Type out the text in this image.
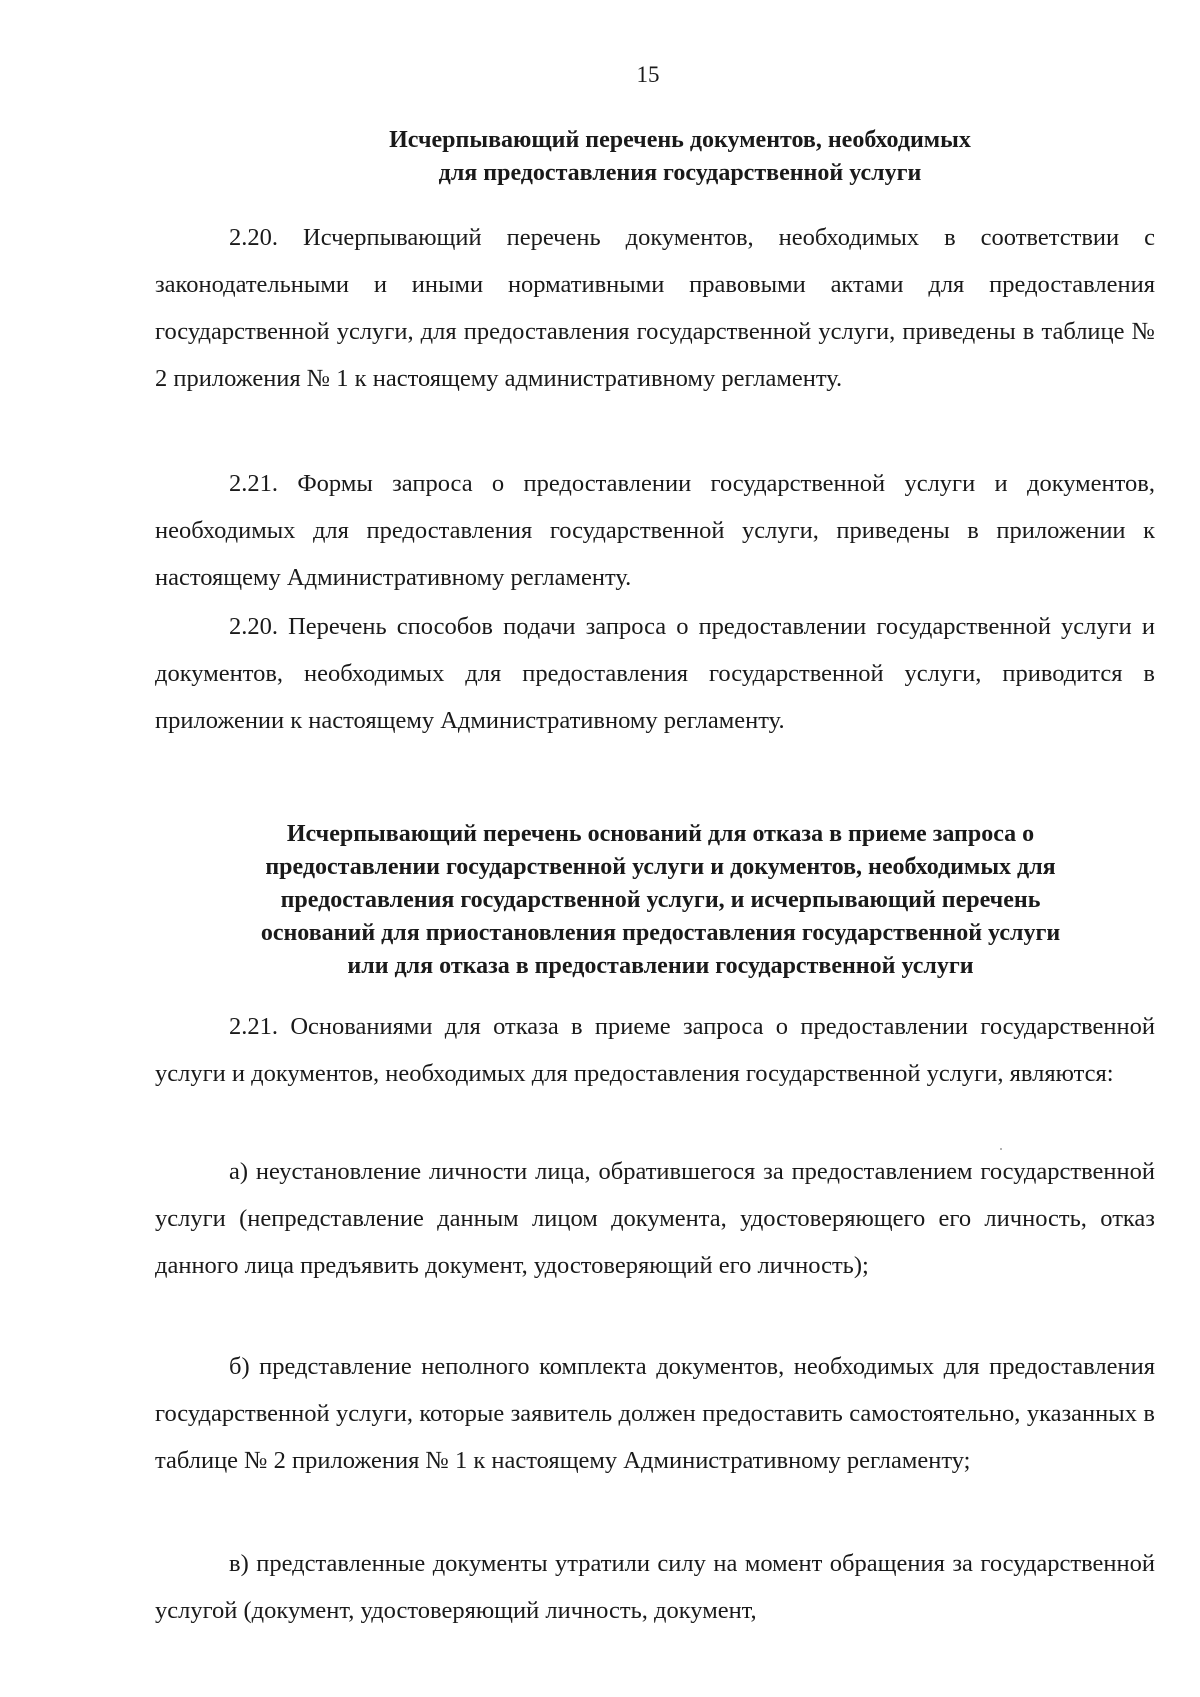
15
Исчерпывающий перечень документов, необходимых
для предоставления государственной услуги
2.20. Исчерпывающий перечень документов, необходимых в соответствии с законодательными и иными нормативными правовыми актами для предоставления государственной услуги, для предоставления государственной услуги, приведены в таблице № 2 приложения № 1 к настоящему административному регламенту.
2.21. Формы запроса о предоставлении государственной услуги и документов, необходимых для предоставления государственной услуги, приведены в приложении к настоящему Административному регламенту.
2.20. Перечень способов подачи запроса о предоставлении государственной услуги и документов, необходимых для предоставления государственной услуги, приводится в приложении к настоящему Административному регламенту.
Исчерпывающий перечень оснований для отказа в приеме запроса о
предоставлении государственной услуги и документов, необходимых для
предоставления государственной услуги, и исчерпывающий перечень
оснований для приостановления предоставления государственной услуги
или для отказа в предоставлении государственной услуги
2.21. Основаниями для отказа в приеме запроса о предоставлении государственной услуги и документов, необходимых для предоставления государственной услуги, являются:
а) неустановление личности лица, обратившегося за предоставлением государственной услуги (непредставление данным лицом документа, удостоверяющего его личность, отказ данного лица предъявить документ, удостоверяющий его личность);
б) представление неполного комплекта документов, необходимых для предоставления государственной услуги, которые заявитель должен предоставить самостоятельно, указанных в таблице № 2 приложения № 1 к настоящему Административному регламенту;
в) представленные документы утратили силу на момент обращения за государственной услугой (документ, удостоверяющий личность, документ,
